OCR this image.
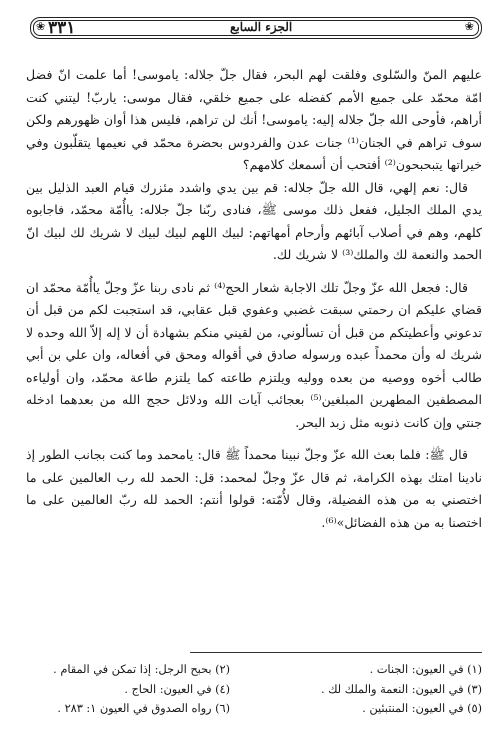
❀ ٣٣١	الجزء السابع	❀

عليهم المنّ والسّلوى وفلقت لهم البحر، فقال جلّ جلاله: ياموسى! أما علمت انّ فضل امّة محمّد على جميع الأمم كفضله على جميع خلقي، فقال موسى: ياربّ! ليتني كنت أراهم، فأوحى الله جلّ جلاله إليه: ياموسى! أنك لن تراهم، فليس هذا أوان ظهورهم ولكن سوف تراهم في الجنان⁽¹⁾ جنات عدن والفردوس بحضرة محمّد في نعيمها يتقلّبون وفي خيراتها يتبحبحون⁽²⁾ أفتحب أن أسمعك كلامهم؟

قال: نعم إلهي، قال الله جلّ جلاله: قم بين يدي واشدد مئزرك قيام العبد الذليل بين يدي الملك الجليل، ففعل ذلك موسى ﷺ، فنادى ربّنا جلّ جلاله: ياأُمّة محمّد، فاجابوه كلهم، وهم في أصلاب آبائهم وأرحام أمهاتهم: لبيك اللهم لبيك لبيك لا شريك لك لبيك انّ الحمد والنعمة لك والملك⁽³⁾ لا شريك لك.

قال: فجعل الله عزّ وجلّ تلك الاجابة شعار الحج⁽⁴⁾ ثم نادى ربنا عزّ وجلّ ياأُمّة محمّد ان قضاي عليكم ان رحمتي سبقت غضبي وعفوي قبل عقابي، قد استجبت لكم من قبل أن تدعوني وأعطيتكم من قبل أن تسألوني، من لقيني منكم بشهادة أن لا إله إلاّ الله وحده لا شريك له وأن محمداً عبده ورسوله صادق في أقواله ومحق في أفعاله، وان علي بن أبي طالب أخوه ووصيه من بعده ووليه ويلتزم طاعته كما يلتزم طاعة محمّد، وان أولياءه المصطفين المطهرين المبلغين⁽⁵⁾ بعجائب آيات الله ودلائل حجج الله من بعدهما ادخله جنتي وإن كانت ذنوبه مثل زبد البحر.

قال ﷺ: فلما بعث الله عزّ وجلّ نبينا محمداً ﷺ قال: يامحمد وما كنت بجانب الطور إذ نادينا امتك بهذه الكرامة، ثم قال عزّ وجلّ لمحمد: قل: الحمد لله رب العالمين على ما اختصني به من هذه الفضيلة، وقال لأُمّته: قولوا أنتم: الحمد لله ربّ العالمين على ما اختصنا به من هذه الفضائل»⁽⁶⁾.

(١) في العيون: الجنات .
(٢) بحبح الرجل: إذا تمكن في المقام .
(٣) في العيون: النعمة والملك لك .
(٤) في العيون: الحاج .
(٥) في العيون: المنتبئين .
(٦) رواه الصدوق في العيون ١: ٢٨٣ .
